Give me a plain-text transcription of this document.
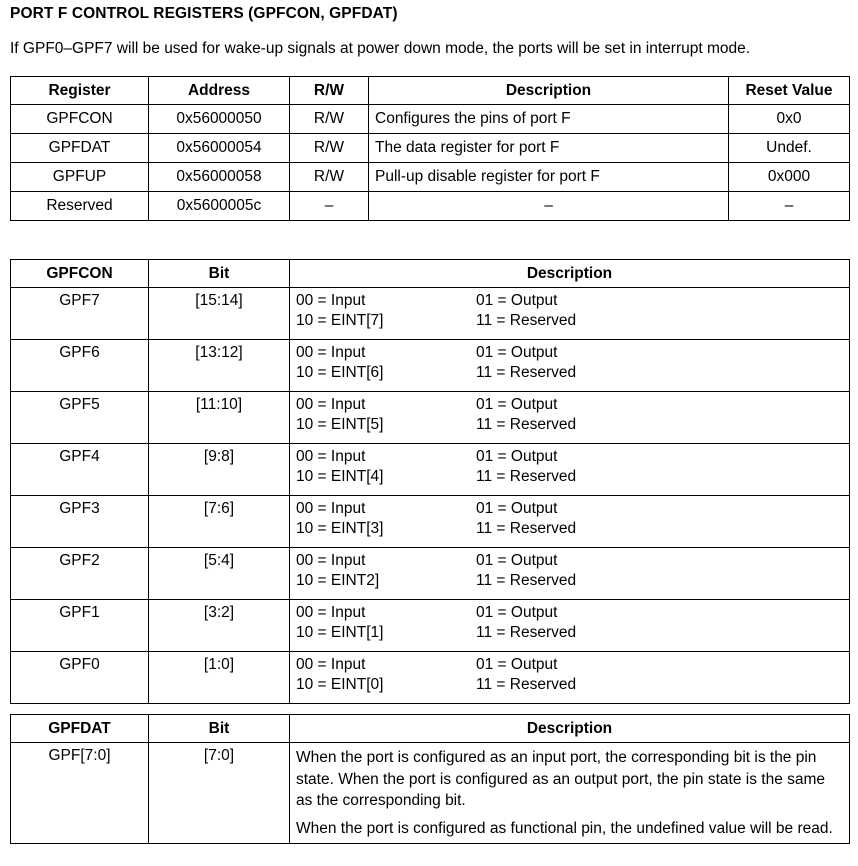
PORT F CONTROL REGISTERS (GPFCON, GPFDAT)
If GPF0–GPF7 will be used for wake-up signals at power down mode, the ports will be set in interrupt mode.
Register	Address	R/W	Description	Reset Value
GPFCON	0x56000050	R/W	Configures the pins of port F	0x0
GPFDAT	0x56000054	R/W	The data register for port F	Undef.
GPFUP	0x56000058	R/W	Pull-up disable register for port F	0x000
Reserved	0x5600005c	–	–	–
GPFCON	Bit	Description
GPF7	[15:14]	00 = Input 01 = Output
10 = EINT[7] 11 = Reserved

GPF6	[13:12]	00 = Input 01 = Output
10 = EINT[6] 11 = Reserved

GPF5	[11:10]	00 = Input 01 = Output
10 = EINT[5] 11 = Reserved

GPF4	[9:8]	00 = Input 01 = Output
10 = EINT[4] 11 = Reserved

GPF3	[7:6]	00 = Input 01 = Output
10 = EINT[3] 11 = Reserved

GPF2	[5:4]	00 = Input 01 = Output
10 = EINT2] 11 = Reserved

GPF1	[3:2]	00 = Input 01 = Output
10 = EINT[1] 11 = Reserved

GPF0	[1:0]	00 = Input 01 = Output
10 = EINT[0] 11 = Reserved
GPFDAT	Bit	Description
GPF[7:0]	[7:0]	When the port is configured as an input port, the corresponding bit is the pin state. When the port is configured as an output port, the pin state is the same as the corresponding bit.

When the port is configured as functional pin, the undefined value will be read.
